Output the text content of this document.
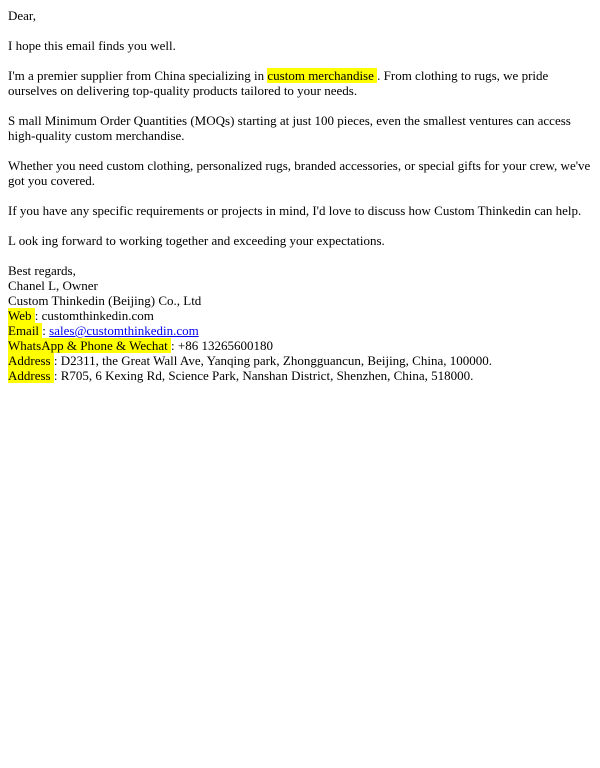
Dear,

I hope this email finds you well.

I'm a premier supplier from China specializing in custom merchandise . From clothing to rugs, we pride ourselves on delivering top-quality products tailored to your needs.

S mall Minimum Order Quantities (MOQs) starting at just 100 pieces, even the smallest ventures can access high-quality custom merchandise.

Whether you need custom clothing, personalized rugs, branded accessories, or special gifts for your crew, we've got you covered.

If you have any specific requirements or projects in mind, I'd love to discuss how Custom Thinkedin can help.

L ook ing forward to working together and exceeding your expectations.

Best regards,
Chanel L, Owner
Custom Thinkedin (Beijing) Co., Ltd
Web : customthinkedin.com
Email : sales@customthinkedin.com
WhatsApp & Phone & Wechat : +86 13265600180
Address : D2311, the Great Wall Ave, Yanqing park, Zhongguancun, Beijing, China, 100000.
Address : R705, 6 Kexing Rd, Science Park, Nanshan District, Shenzhen, China, 518000.
